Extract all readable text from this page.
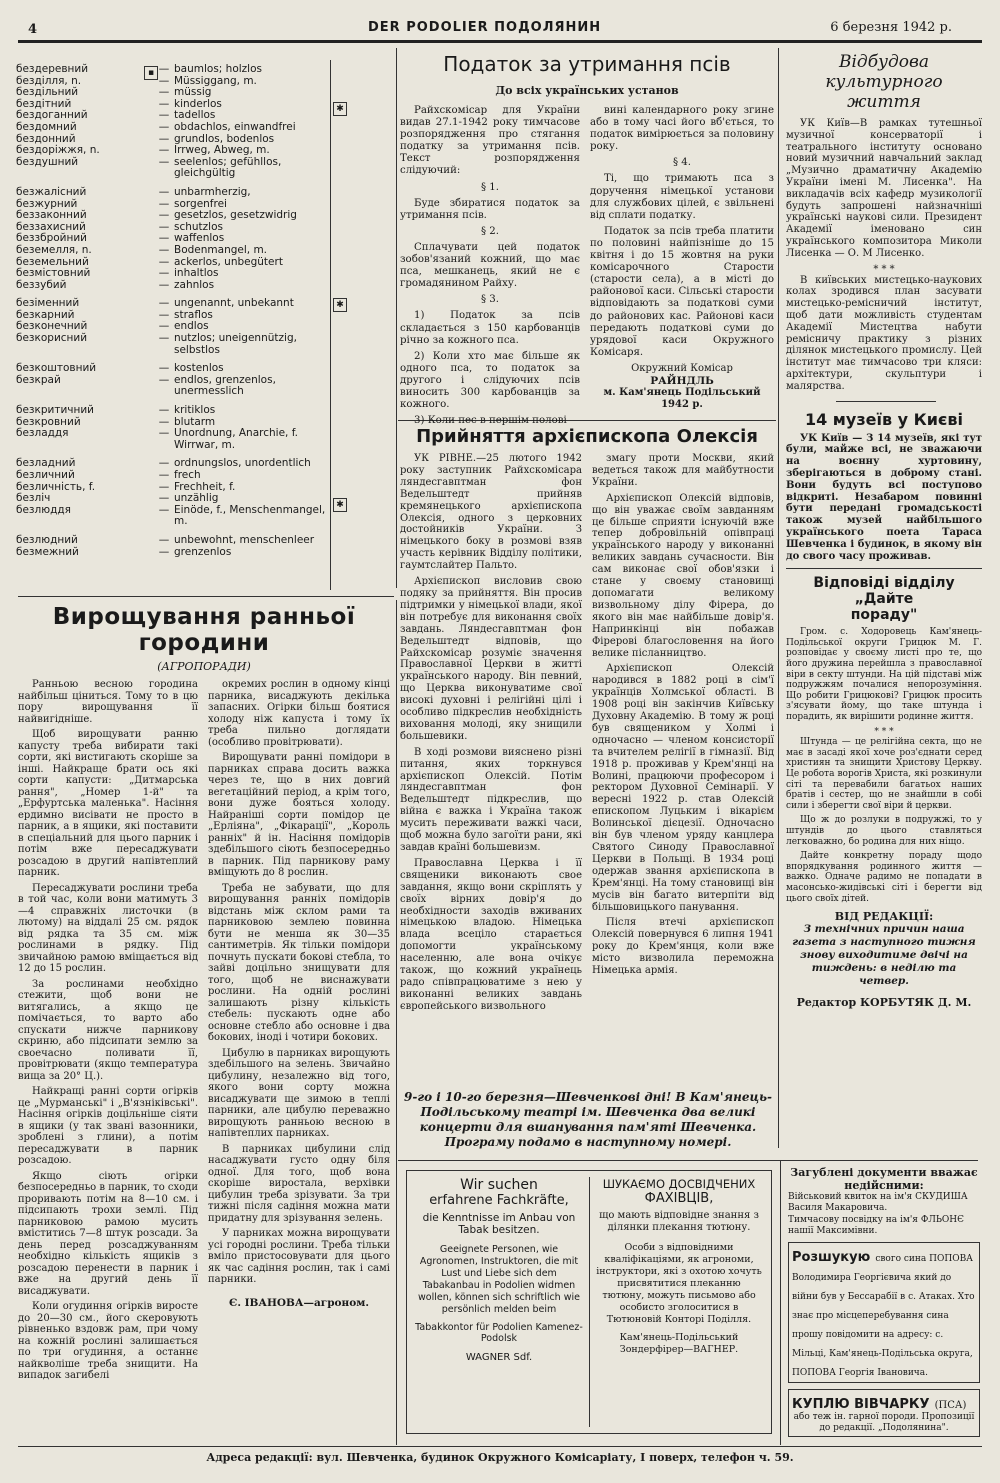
4	DER PODOLIER ПОДОЛЯНИН	6 березня 1942 р.
бездеревний	— baumlos; holzlos
безділля, n.	— Müssiggang, m.
бездільний	— müssig
бездітний	— kinderlos
бездоганний	— tadellos
бездомний	— obdachlos, einwandfrei
бездонний	— grundlos, bodenlos
бездоріжжя, n.	— Irrweg, Abweg, m.
бездушний	— seelenlos; gefühllos, gleichgültig
безжалісний	— unbarmherzig,
безжурний	— sorgenfrei
беззаконний	— gesetzlos, gesetzwidrig
беззахисний	— schutzlos
беззбройний	— waffenlos
беземелля, n.	— Bodenmangel, m.
беземельний	— ackerlos, unbegütert
безмістовний	— inhaltlos
беззубий	— zahnlos
безіменний	— ungenannt, unbekannt
безкарний	— straflos
безконечний	— endlos
безкорисний	— nutzlos; uneigennützig, selbstlos
безкоштовний	— kostenlos
безкрай	— endlos, grenzenlos, unermesslich
безкритичний	— kritiklos
безкровний	— blutarm
безладдя	— Unordnung, Anarchie, f. Wirrwar, m.
безладний	— ordnungslos, unordentlich
безличний	— frech
безличність, f.	— Frechheit, f.
безліч	— unzählig
безлюддя	— Einöde, f., Menschenmangel, m.
безлюдний	— unbewohnt, menschenleer
безмежний	— grenzenlos
▪
✱
✱
✱
Податок за утримання псів
До всіх українських установ

Райхскомісар для України видав 27.1-1942 року тимчасове розпорядження про стягання податку за утримання псів. Текст розпорядження слідуючий:

§ 1.

Буде збиратися податок за утримання псів.

§ 2.

Сплачувати цей податок зобов'язаний кожний, що має пса, мешканець, який не є громадянином Райху.

§ 3.

1) Податок за псів складається з 150 карбованців річно за кожного пса.

2) Коли хто має більше як одного пса, то податок за другого і слідуючих псів виносить 300 карбованців за кожного.

3) Коли пес в першім полові

вині календарного року згине або в тому часі його вб'ється, то податок вимірюється за половину року.

§ 4.

Ті, що тримають пса з доручення німецької установи для службових цілей, є звільнені від сплати податку.

Податок за псів треба платити по половині найпізніше до 15 квітня і до 15 жовтня на руки комісарочного Старости (старости села), а в місті до районової каси. Сільські старости відповідають за податкові суми до районових кас. Районові каси передають податкові суми до урядової каси Окружного Комісаря.

Окружний Комісар
РАЙНДЛЬ
м. Кам'янець Подільський
1942 р.
Відбудова
культурного життя

УК Київ—В рамках тутешньої музичної консерваторії і театрального інституту основано новий музичний навчальний заклад „Музично драматичну Академію України імені М. Лисенка". На викладачів всіх кафедр музикології будуть запрошені найзначніші українські наукові сили. Президент Академії іменовано син українського композитора Миколи Лисенка — О. М Лисенко.

* * *

В київських мистецько-наукових колах зродився план засувати мистецько-ремісничий інститут, щоб дати можливість студентам Академії Мистецтва набути ремісничу практику з різних ділянок мистецького промислу. Цей інститут має тимчасово три кляси: архітектури, скульптури і малярства.

14 музеїв у Києві

УК Київ — З 14 музеїв, які тут були, майже всі, не зважаючи на воєнну хуртовину, зберігаються в доброму стані. Вони будуть всі поступово відкриті. Незабаром повинні бути передані громадськості також музей найбільшого українського поета Тараса Шевченка і будинок, в якому він до свого часу проживав.

Відповіді відділу „Дайте
пораду"

Гром. с. Ходоровець Кам'янець-Подільської округи Грицюк М. Г. розповідає у своєму листі про те, що його дружина перейшла з православної віри в секту штунди. На цій підставі між подружжям почалися непорозуміння. Що робити Грицюкові? Грицюк просить з'ясувати йому, що таке штунда і порадить, як вирішити родинне життя.

* * *

Штунда — це релігійна секта, що не має в засаді якої хоче роз'єднати серед християн та знищити Христову Церкву. Це робота ворогів Христа, які розкинули сіті та перевабили багатьох наших братів і сестер, що не знайшли в собі сили і зберегти свої віри й церкви.

Що ж до розлуки в подружжі, то у штундів до цього ставляться легковажно, бо родина для них ніщо.

Дайте конкретну пораду щодо впорядкування родинного життя — важко. Одначе радимо не попадати в масонсько-жидівські сіті і берегти від цього своїх дітей.

ВІД РЕДАКЦІЇ:
З технічних причин наша газета з наступного тижня знову виходитиме двічі на тиждень: в неділю та четвер.
Редактор КОРБУТЯК Д. М.
Прийняття архієпископа Олексія

УК РІВНЕ.—25 лютого 1942 року заступник Райхскомісара ляндесгавптман фон Ведельштедт прийняв кремянецького архієпископа Олексія, одного з церковних достойників України. З німецького боку в розмові взяв участь керівник Відділу політики, гаумтслайтер Пальто.

Архієпископ висловив свою подяку за прийняття. Він просив підтримки у німецької влади, якої він потребує для виконання своїх завдань. Ляндесгавптман фон Ведельштедт відповів, що Райхскомісар розуміє значення Православної Церкви в житті українського народу. Він певний, що Церква виконуватиме свої високі духовні і релігійні цілі і особливо підкреслив необхідність виховання молоді, яку знищили большевики.

В ході розмови вияснено різні питання, яких торкнувся архієпископ Олексій. Потім ляндесгавптман фон Ведельштедт підкреслив, що війна є важка і Україна також мусить переживати важкі часи, щоб можна було загоїти рани, які завдав країні большевизм.

Православна Церква і її священики виконають свое завдання, якщо вони скріплять у своїх вірних довір'я до необхідности заходів вживаних німецькою владою. Німецька влада всеціло старається допомогти українському населенню, але вона очікує також, що кожний українець радо співпрацюватиме з нею у виконанні великих завдань європейського визвольного

змагу проти Москви, який ведеться також для майбутности України.

Архієпископ Олексій відповів, що він уважає своїм завданням це більше сприяти існуючій вже тепер добровільній опівпраці українського народу у виконанні великих завдань сучасности. Він сам виконає свої обов'язки і стане у своєму становищі допомагати великому визвольному ділу Фірера, до якого він має найбільше довір'я. Напринкінці він побажав Фірерові благословення на його велике післанництво.

Архієпископ Олексій народився в 1882 році в сім'ї українців Холмської області. В 1908 році він закінчив Київську Духовну Академію. В тому ж році був священиком у Холмі і одночасно — членом консисторії та вчителем релігії в гімназії. Від 1918 р. проживав у Крем'янці на Волині, працюючи професором і ректором Духовної Семінарії. У вересні 1922 р. став Олексій епископом Луцьким і вікарієм Волинської дієцезії. Одночасно він був членом уряду канцлера Святого Синоду Православної Церкви в Польщі. В 1934 році одержав звання архієпископа в Крем'янці. На тому становищі він мусів він багато витерпіти від більшовицького панування.

Після втечі архієпископ Олексій повернувся 6 липня 1941 року до Крем'янця, коли вже місто визволила переможна Німецька армія.

9-го і 10-го березня—Шевченкові дні! В Кам'янець-Подільському театрі ім. Шевченка два великі концерти для вшанування пам'яті Шевченка. Програму подамо в наступному номері.
Вирощування ранньої городини
(АГРОПОРАДИ)

Ранньою весною городина найбільш ціниться. Тому то в цю пору вирощування її найвигідніше.

Щоб вирощувати ранню капусту треба вибирати такі сорти, які вистигають скоріше за інші. Найкраще брати ось які сорти капусти: „Дитмарська рання", „Номер 1-й" та „Ерфуртська маленька". Насіння ердимно висівати не просто в парник, а в ящики, які поставити в спеціальний для цього парник і потім вже пересаджувати розсадою в другий напівтеплий парник.

Пересаджувати рослини треба в той час, коли вони матимуть 3—4 справжніх листочки (в лютому) на віддалі 25 см. рядок від рядка та 35 см. між рослинами в рядку. Під звичайною рамою вміщається від 12 до 15 рослин.

За рослинами необхідно стежити, щоб вони не витягались, а якщо це помічається, то варто або спускати нижче парникову скриню, або підсипати землю за своечасно поливати її, провітрювати (якщо температура вища за 20° Ц.).

Найкращі ранні сорти огірків це „Мурманські" і „В'язніківські". Насіння огірків доцільніше сіяти в ящики (у так звані вазонники, зроблені з глини), а потім пересаджувати в парник розсадою.

Якщо сіють огірки безпосередньо в парник, то сходи проривають потім на 8—10 см. і підсипають трохи землі. Під парниковою рамою мусить вміститись 7—8 штук розсади. За день перед розсаджуванням необхідно кількість ящиків з розсадою перенести в парник і вже на другий день її висаджувати.

Коли огудиння огірків виросте до 20—30 см., його скеровують рівненько вздовж рам, при чому на кожній рослині залишається по три огудиння, а останнє найкволіше треба знищити. На випадок загибелі

окремих рослин в одному кінці парника, висаджують декілька запасних. Огірки більш боятися холоду ніж капуста і тому їх треба пильно доглядати (особливо провітрювати).

Вирощувати ранні помідори в парниках справа досить важка через те, що в них довгий вегетаційний період, а крім того, вони дуже бояться холоду. Найраніші сорти помідор це „Ерліяна", „Фікарації", „Король ранніх" й ін. Насіння помідорів здебільшого сіють безпосередньо в парник. Під парникову раму вміщують до 8 рослин.

Треба не забувати, що для вирощування ранніх помідорів відстань між склом рами та парниковою землею повинна бути не менша як 30—35 сантиметрів. Як тільки помідори почнуть пускати бокові стебла, то зайві доцільно знищувати для того, щоб не виснажувати рослини. На одній рослині залишають різну кількість стебель: пускають одне або основне стебло або основне і два бокових, іноді і чотири бокових.

Цибулю в парниках вирощують здебільшого на зелень. Звичайно цибулину, незалежно від того, якого вони сорту можна висаджувати ще зимою в теплі парники, але цибулю переважно вирощують ранньою весною в напівтеплих парниках.

В парниках цибулини слід насаджувати густо одну біля одної. Для того, щоб вона скоріше виростала, верхівки цибулин треба зрізувати. За три тижні після садіння можна мати придатну для зрізування зелень.

У парниках можна вирощувати усі городні рослини. Треба тільки вміло пристосовувати для цього як час садіння рослин, так і самі парники.

Є. ІВАНОВА—агроном.
Wir suchen
erfahrene Fachkräfte,
die Kenntnisse im Anbau von Tabak besitzen.
Geeignete Personen, wie Agronomen, Instruktoren, die mit Lust und Liebe sich dem Tabakanbau in Podolien widmen wollen, können sich schriftlich wie persönlich melden beim
Tabakkontor für Podolien Kamenez-Podolsk
WAGNER Sdf.
ШУКАЄМО ДОСВІДЧЕНИХ
ФАХІВЦІВ,
що мають відповідне знання з ділянки плекання тютюну.
Особи з відповідними кваліфікаціями, як агрономи, інструктори, які з охотою хочуть присвятитися плеканню тютюну, можуть письмово або особисто зголоситися в Тютюновій Конторі Поділля.
Кам'янець-Подільський Зондерфірер—ВАГНЕР.
Загублені документи вважає
недійсними:
Військовий квиток на ім'я СКУДИША Василя Макаровича.
Тимчасову посвідку на ім'я ФЛЬОНЄ нашії Максимівни.
Розшукую свого сина ПОПОВА Володимира Георгієвича який до війни був у Бессарабії в с. Атаках. Хто знає про місцеперебування сина прошу повідомити на адресу: с. Мільці, Кам'янець-Подільська округа, ПОПОВА Георгія Івановича.
КУПЛЮ ВІВЧАРКУ (ПСА)
або теж ін. гарної породи. Пропозиції до редакції. „Подолянина".
Адреса редакції: вул. Шевченка, будинок Окружного Комісаріату, І поверх, телефон ч. 59.
